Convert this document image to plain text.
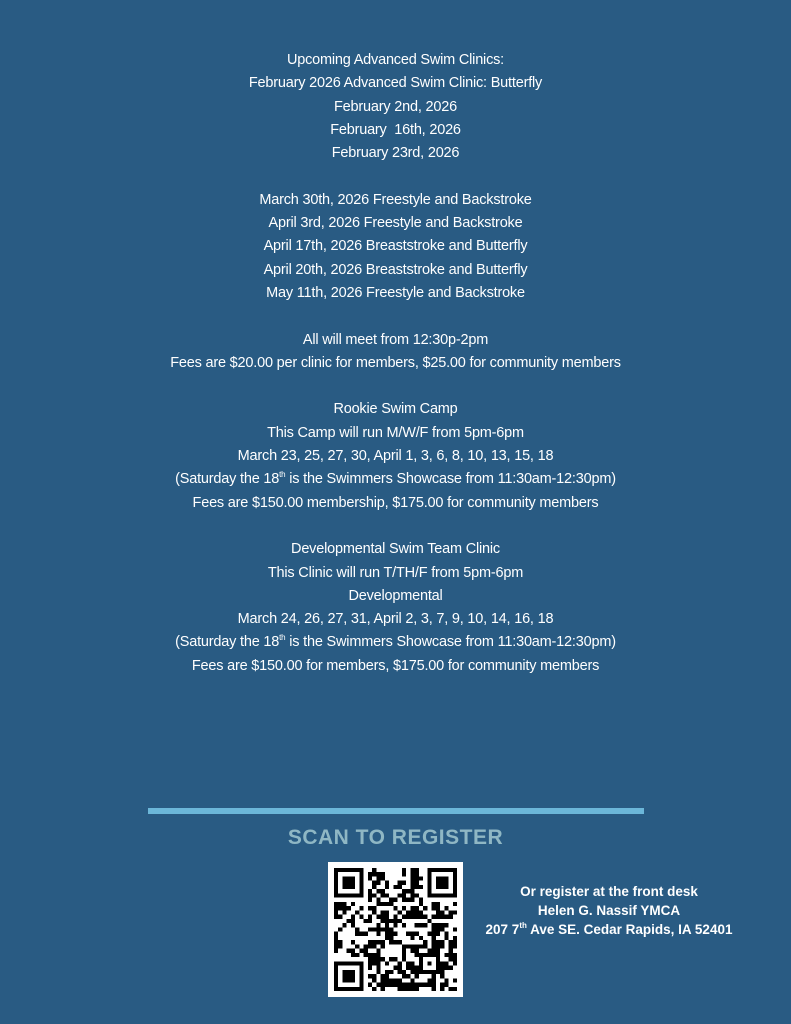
Upcoming Advanced Swim Clinics:
February 2026 Advanced Swim Clinic: Butterfly
February 2nd, 2026
February  16th, 2026
February 23rd, 2026
March 30th, 2026 Freestyle and Backstroke
April 3rd, 2026 Freestyle and Backstroke
April 17th, 2026 Breaststroke and Butterfly
April 20th, 2026 Breaststroke and Butterfly
May 11th, 2026 Freestyle and Backstroke
All will meet from 12:30p-2pm
Fees are $20.00 per clinic for members, $25.00 for community members
Rookie Swim Camp
This Camp will run M/W/F from 5pm-6pm
March 23, 25, 27, 30, April 1, 3, 6, 8, 10, 13, 15, 18
(Saturday the 18th is the Swimmers Showcase from 11:30am-12:30pm)
Fees are $150.00 membership, $175.00 for community members
Developmental Swim Team Clinic
This Clinic will run T/TH/F from 5pm-6pm
Developmental
March 24, 26, 27, 31, April 2, 3, 7, 9, 10, 14, 16, 18
(Saturday the 18th is the Swimmers Showcase from 11:30am-12:30pm)
Fees are $150.00 for members, $175.00 for community members
SCAN TO REGISTER
Or register at the front desk
Helen G. Nassif YMCA
207 7th Ave SE. Cedar Rapids, IA 52401
